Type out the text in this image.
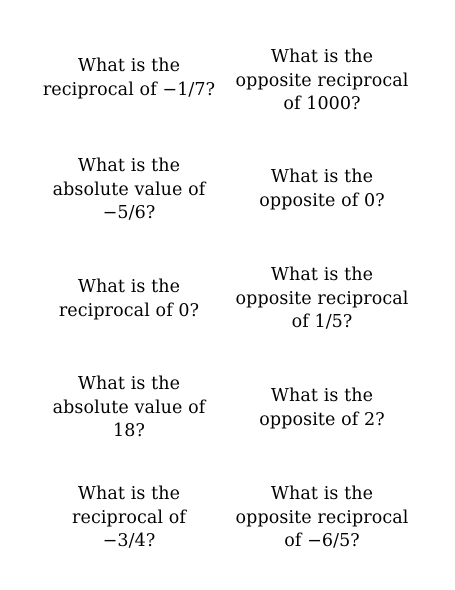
What is the
reciprocal of −1/7?
What is the
opposite reciprocal
of 1000?
What is the
absolute value of
−5/6?
What is the
opposite of 0?
What is the
reciprocal of 0?
What is the
opposite reciprocal
of 1/5?
What is the
absolute value of
18?
What is the
opposite of 2?
What is the
reciprocal of
−3/4?
What is the
opposite reciprocal
of −6/5?
